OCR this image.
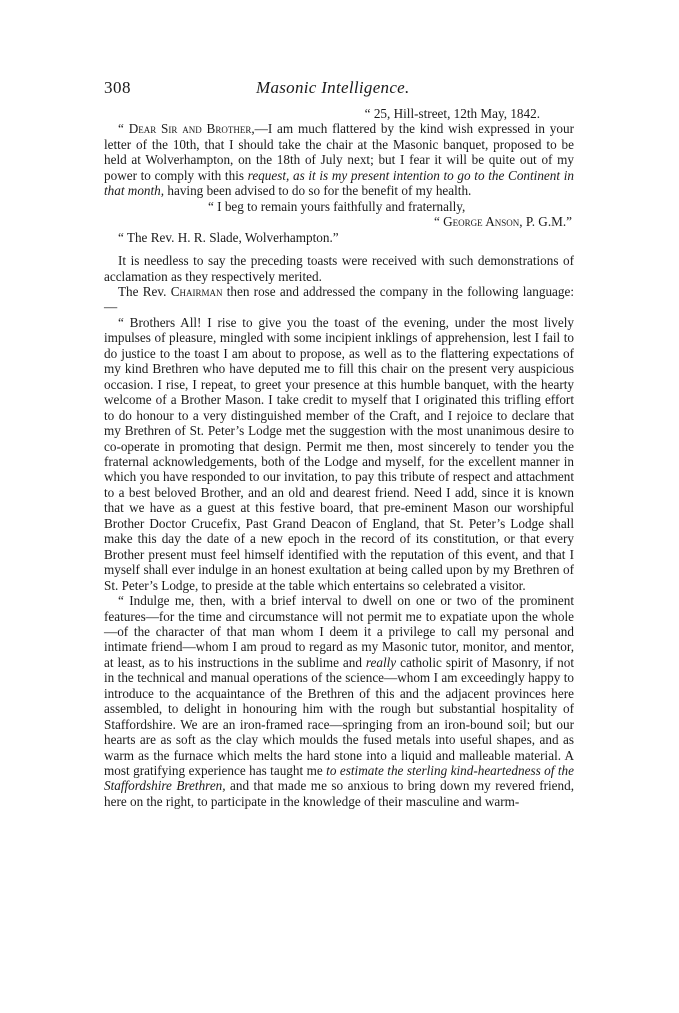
308	Masonic Intelligence.
“ 25, Hill-street, 12th May, 1842.
“ Dear Sir and Brother,—I am much flattered by the kind wish expressed in your letter of the 10th, that I should take the chair at the Masonic banquet, proposed to be held at Wolverhampton, on the 18th of July next; but I fear it will be quite out of my power to comply with this request, as it is my present intention to go to the Continent in that month, having been advised to do so for the benefit of my health.
“ I beg to remain yours faithfully and fraternally,
“ George Anson, P. G.M.”
“ The Rev. H. R. Slade, Wolverhampton.”
It is needless to say the preceding toasts were received with such demonstrations of acclamation as they respectively merited.
The Rev. Chairman then rose and addressed the company in the following language:—
“ Brothers All! I rise to give you the toast of the evening, under the most lively impulses of pleasure, mingled with some incipient inklings of apprehension, lest I fail to do justice to the toast I am about to propose, as well as to the flattering expectations of my kind Brethren who have deputed me to fill this chair on the present very auspicious occasion. I rise, I repeat, to greet your presence at this humble banquet, with the hearty welcome of a Brother Mason. I take credit to myself that I originated this trifling effort to do honour to a very distinguished member of the Craft, and I rejoice to declare that my Brethren of St. Peter’s Lodge met the suggestion with the most unanimous desire to co-operate in promoting that design. Permit me then, most sincerely to tender you the fraternal acknowledgements, both of the Lodge and myself, for the excellent manner in which you have responded to our invitation, to pay this tribute of respect and attachment to a best beloved Brother, and an old and dearest friend. Need I add, since it is known that we have as a guest at this festive board, that pre-eminent Mason our worshipful Brother Doctor Crucefix, Past Grand Deacon of England, that St. Peter’s Lodge shall make this day the date of a new epoch in the record of its constitution, or that every Brother present must feel himself identified with the reputation of this event, and that I myself shall ever indulge in an honest exultation at being called upon by my Brethren of St. Peter’s Lodge, to preside at the table which entertains so celebrated a visitor.
“ Indulge me, then, with a brief interval to dwell on one or two of the prominent features—for the time and circumstance will not permit me to expatiate upon the whole—of the character of that man whom I deem it a privilege to call my personal and intimate friend—whom I am proud to regard as my Masonic tutor, monitor, and mentor, at least, as to his instructions in the sublime and really catholic spirit of Masonry, if not in the technical and manual operations of the science—whom I am exceedingly happy to introduce to the acquaintance of the Brethren of this and the adjacent provinces here assembled, to delight in honouring him with the rough but substantial hospitality of Staffordshire. We are an iron-framed race—springing from an iron-bound soil; but our hearts are as soft as the clay which moulds the fused metals into useful shapes, and as warm as the furnace which melts the hard stone into a liquid and malleable material. A most gratifying experience has taught me to estimate the sterling kind-heartedness of the Staffordshire Brethren, and that made me so anxious to bring down my revered friend, here on the right, to participate in the knowledge of their masculine and warm-
